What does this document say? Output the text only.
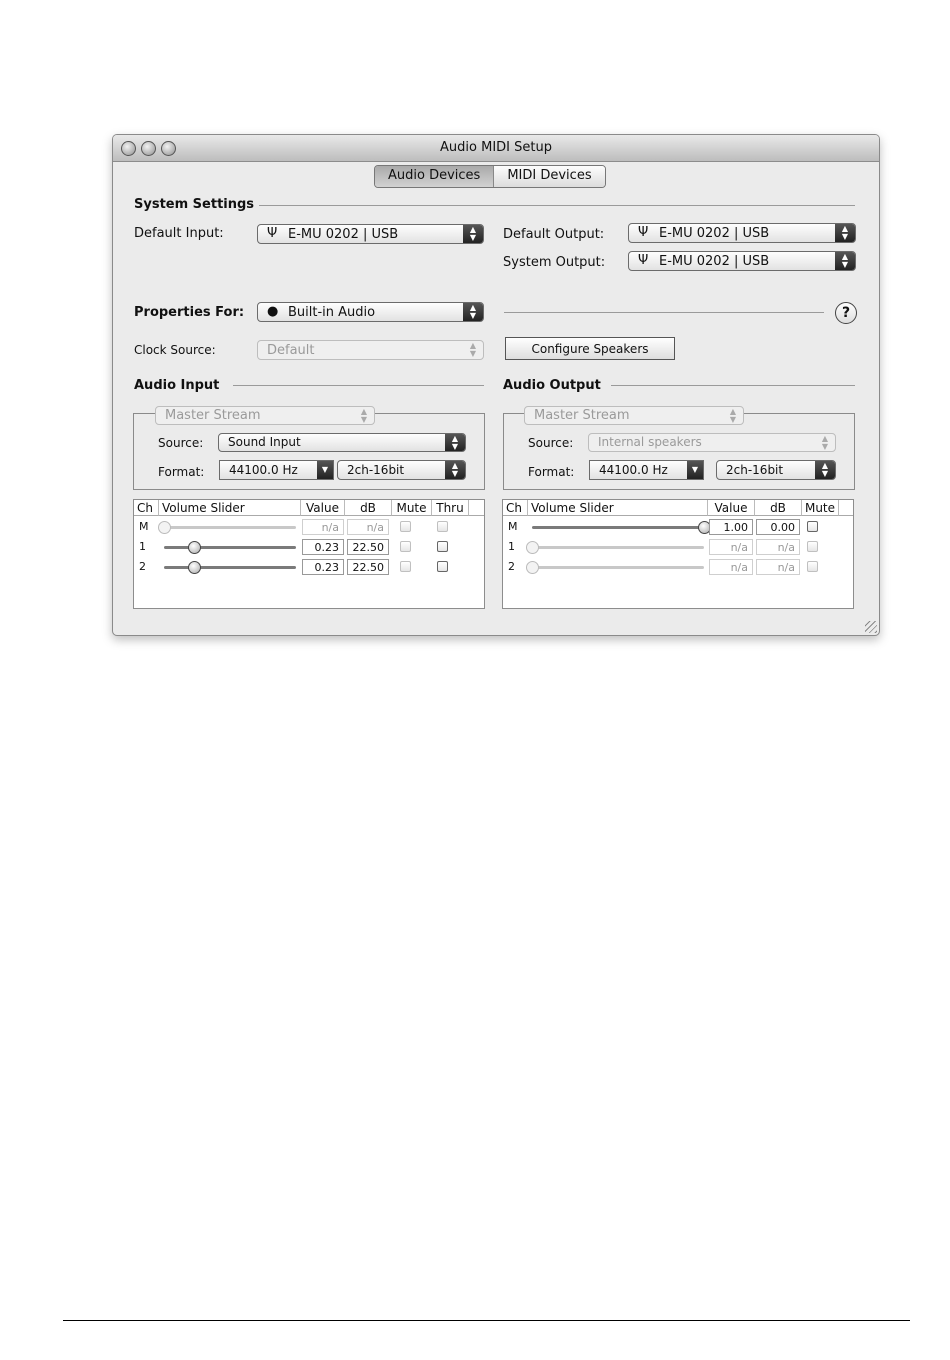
Audio MIDI Setup
Audio Devices	MIDI Devices
System Settings
Default Input:	Ψ E-MU 0202 | USB	▲
▼	Default Output:	Ψ E-MU 0202 | USB	▲
▼
System Output:	Ψ E-MU 0202 | USB	▲
▼
Properties For: ● Built-in Audio	▲
▼	?
Clock Source:	Default	▲
▼	Configure Speakers
Audio Input
Master Stream	▲
▼
Source: Sound Input	▲
▼
Format: 44100.0 Hz	▼	2ch-16bit	▲
▼
Ch Volume Slider	Value	dB	Mute Thru
M	n/a	n/a
1	0.23	22.50
2	0.23	22.50
Audio Output
Master Stream	▲
▼
Source: Internal speakers	▲
▼
Format: 44100.0 Hz	▼	2ch-16bit	▲
▼
Ch Volume Slider	Value	dB	Mute
M	1.00	0.00
1	n/a	n/a
2	n/a	n/a
